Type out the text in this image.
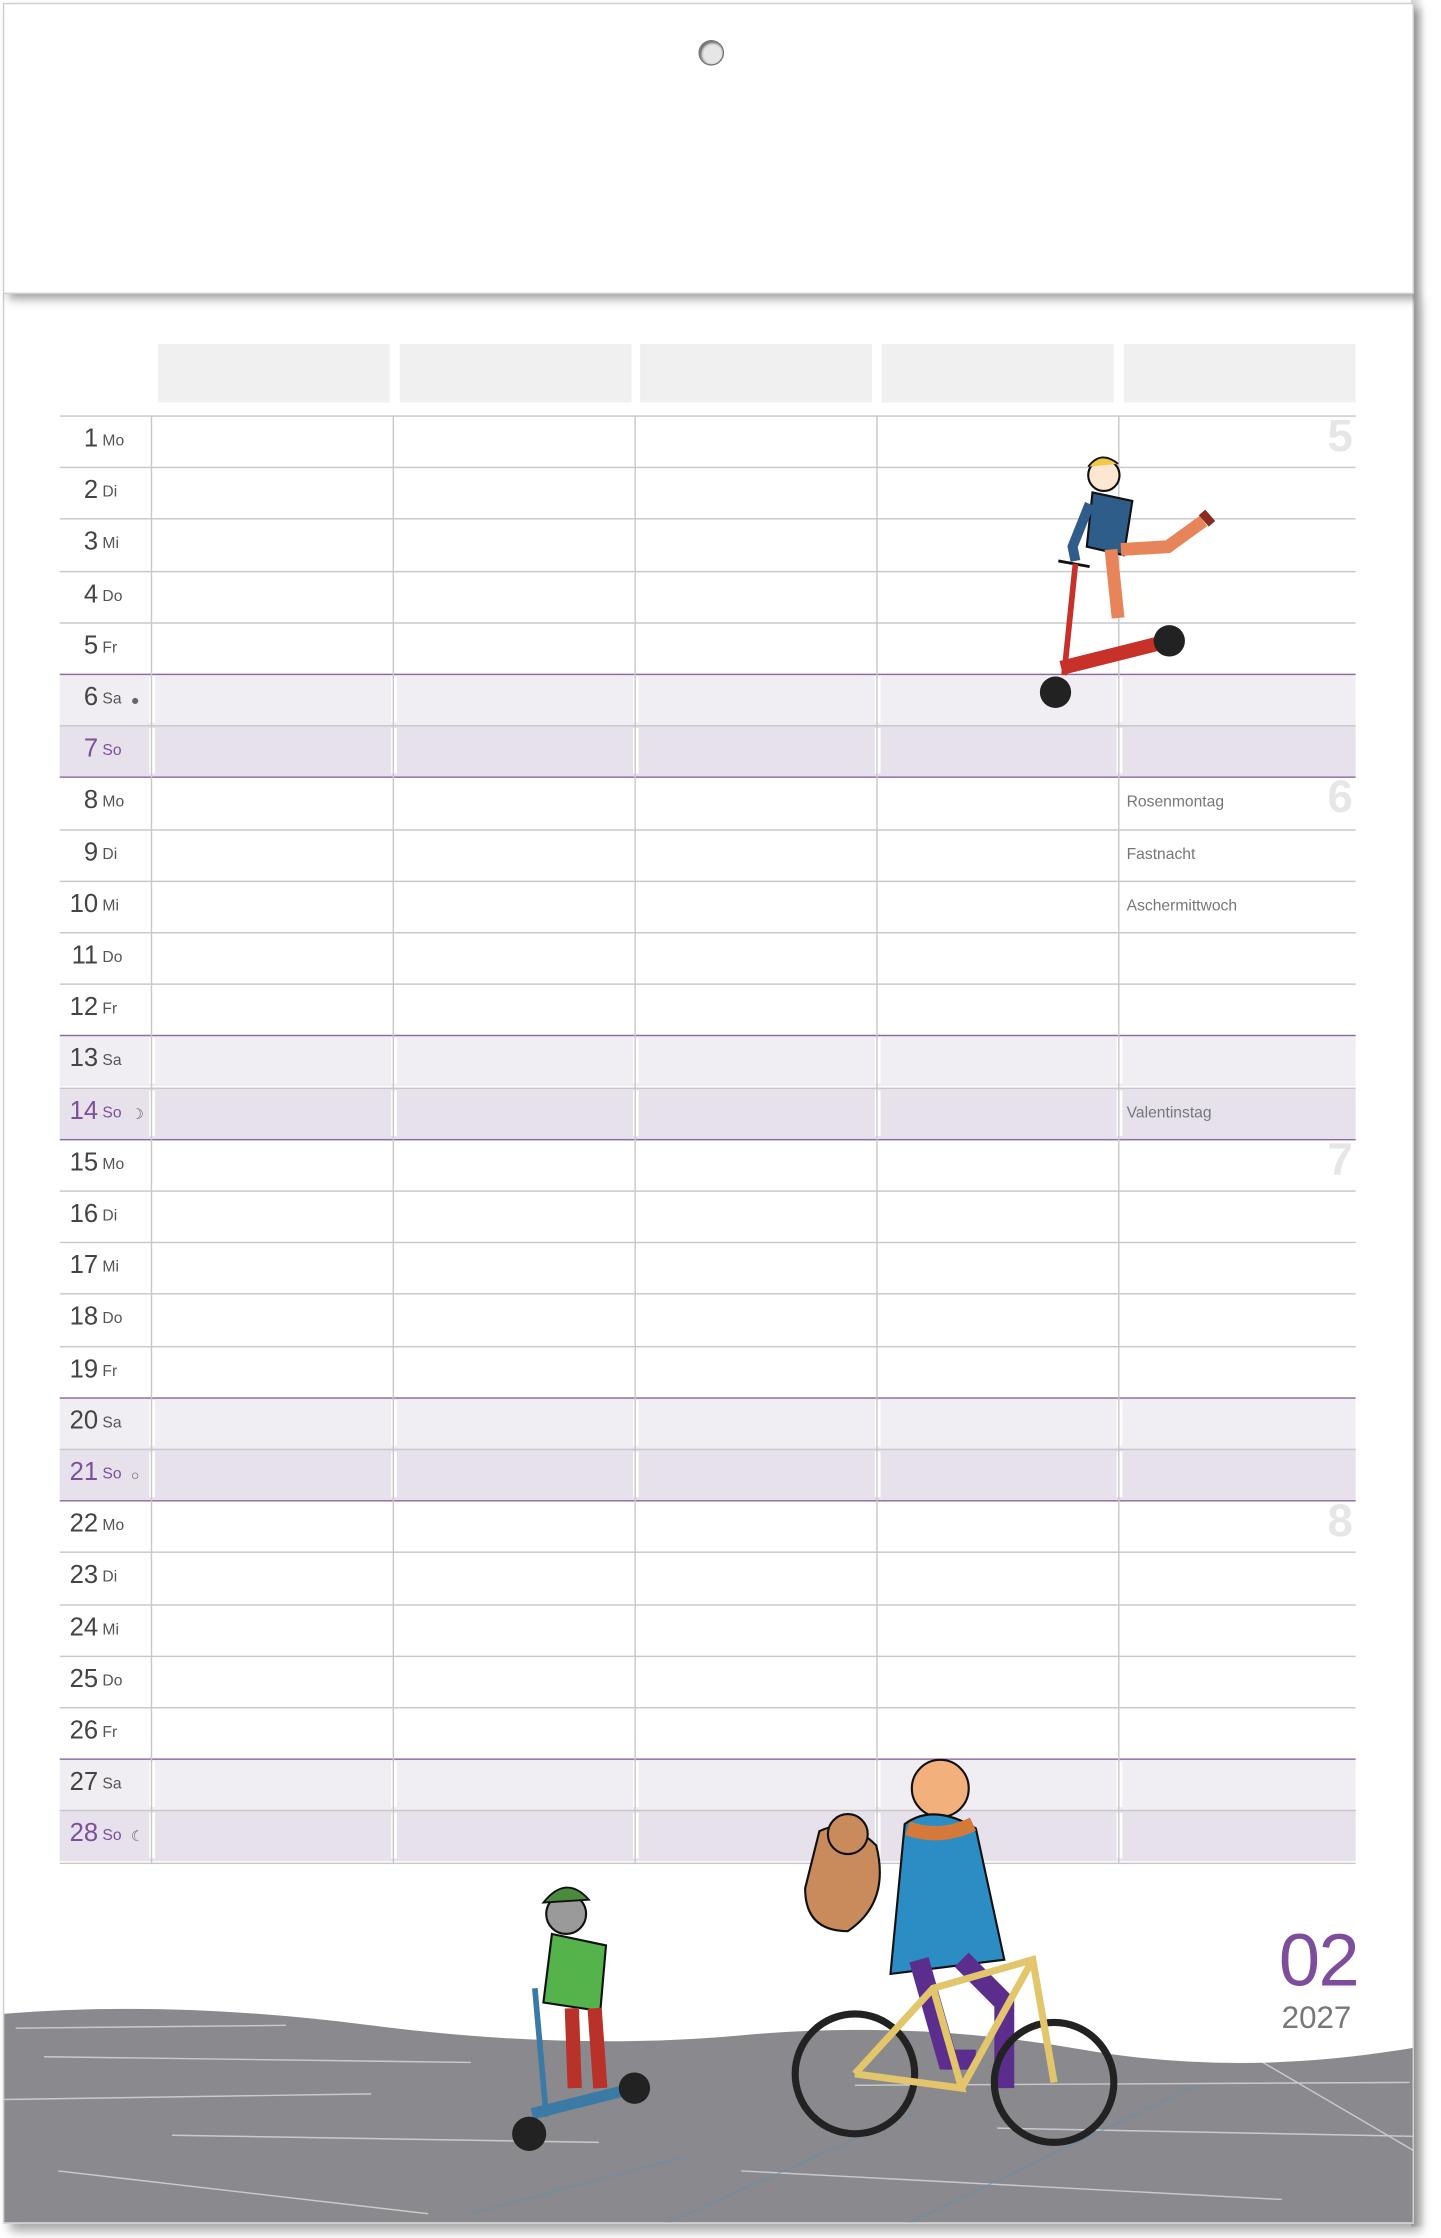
1 Mo	5
2 Di
3 Mi
4 Do
5 Fr
6 Sa ●
7 So
8 Mo	Rosenmontag	6
9 Di	Fastnacht
10 Mi	Aschermittwoch
11 Do
12 Fr
13 Sa
14 So ☽	Valentinstag
15 Mo	7
16 Di
17 Mi
18 Do
19 Fr
20 Sa
21 So ○
22 Mo	8
23 Di
24 Mi
25 Do
26 Fr
27 Sa
28 So ☾
02
2027
